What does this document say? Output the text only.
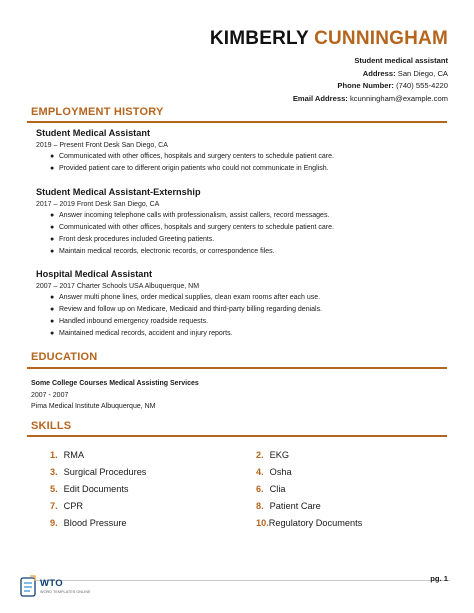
KIMBERLY CUNNINGHAM
Student medical assistant
Address: San Diego, CA
Phone Number: (740) 555-4220
Email Address: kcunningham@example.com
EMPLOYMENT HISTORY
Student Medical Assistant
2019 – Present Front Desk San Diego, CA
● Communicated with other offices, hospitals and surgery centers to schedule patient care.
● Provided patient care to different origin patients who could not communicate in English.
Student Medical Assistant-Externship
2017 – 2019 Front Desk San Diego, CA
● Answer incoming telephone calls with professionalism, assist callers, record messages.
● Communicated with other offices, hospitals and surgery centers to schedule patient care.
● Front desk procedures included Greeting patients.
● Maintain medical records, electronic records, or correspondence files.
Hospital Medical Assistant
2007 – 2017 Charter Schools USA Albuquerque, NM
● Answer multi phone lines, order medical supplies, clean exam rooms after each use.
● Review and follow up on Medicare, Medicaid and third-party billing regarding denials.
● Handled inbound emergency roadside requests.
● Maintained medical records, accident and injury reports.
EDUCATION
Some College Courses Medical Assisting Services
2007 - 2007
Pima Medical Institute Albuquerque, NM
SKILLS
1. RMA	2. EKG
3. Surgical Procedures	4. Osha
5. Edit Documents	6. Clia
7. CPR	8. Patient Care
9. Blood Pressure	10.Regulatory Documents
WTO
WORD TEMPLATES ONLINE
pg. 1
